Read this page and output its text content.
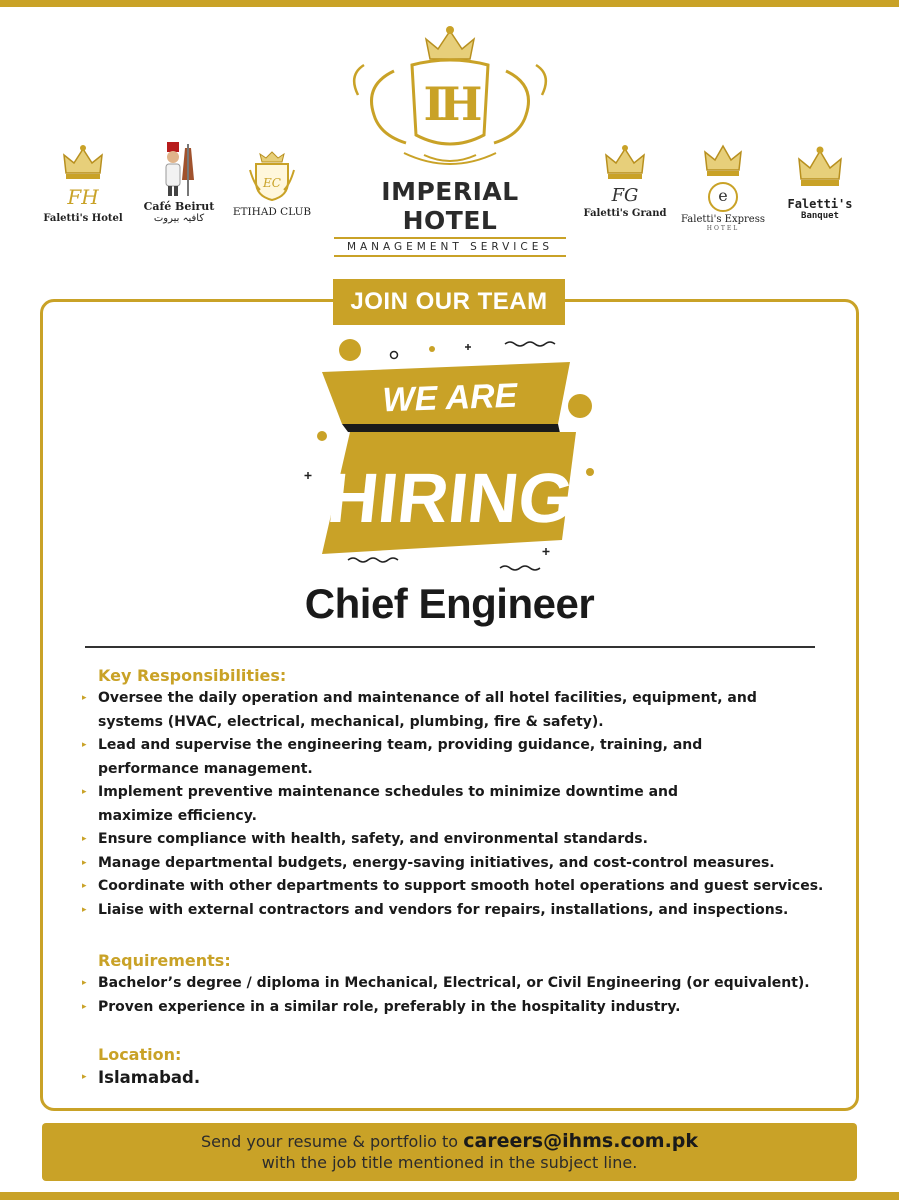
FH
Faletti's Hotel
Café Beirut
کافیہ بیروت
EC
ETIHAD CLUB
IH
IMPERIAL HOTEL
MANAGEMENT SERVICES
FG
Faletti's Grand
e
Faletti's Express
HOTEL
Faletti's
Banquet
JOIN OUR TEAM
WE ARE
HIRING
Chief Engineer
Key Responsibilities:
▸ Oversee the daily operation and maintenance of all hotel facilities, equipment, and systems (HVAC, electrical, mechanical, plumbing, fire & safety).
▸ Lead and supervise the engineering team, providing guidance, training, and performance management.
▸ Implement preventive maintenance schedules to minimize downtime and maximize efficiency.
▸ Ensure compliance with health, safety, and environmental standards.
▸ Manage departmental budgets, energy-saving initiatives, and cost-control measures.
▸ Coordinate with other departments to support smooth hotel operations and guest services.
▸ Liaise with external contractors and vendors for repairs, installations, and inspections.
Requirements:
▸ Bachelor’s degree / diploma in Mechanical, Electrical, or Civil Engineering (or equivalent).
▸ Proven experience in a similar role, preferably in the hospitality industry.
Location:
▸ Islamabad.
Send your resume & portfolio to careers@ihms.com.pk
with the job title mentioned in the subject line.
